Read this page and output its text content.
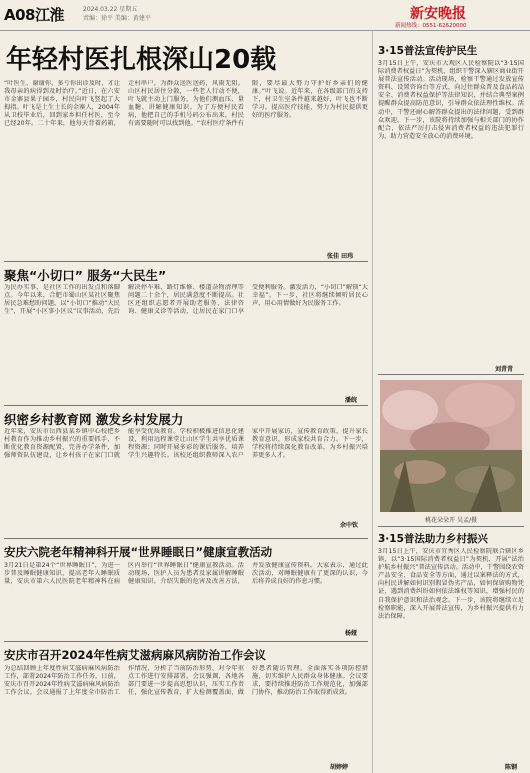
A08江淮	2024.03.22 星期五
责编：徐平 美编：黄建平	新安晚报
新闻热线：0551-62620000
年轻村医扎根深山20载
“叶医生，谢谢你，多亏你出诊及时，才让我母亲的病得到及时治疗。”近日，在六安市金寨县果子园乡，村民向叶飞竖起了大拇指。叶飞是土生土长的金寨人，2004年从卫校毕业后，回到家乡担任村医，至今已经20年。二十年来，他每天背着药箱，走村串户，为群众送医送药，风雨无阻。山区村民居住分散，一些老人行动不便，叶飞就主动上门服务，为他们测血压、量血糖、讲解健康知识。为了方便村民看病，他把自己的手机号码公布出来，村民有需要随时可以找到他。“农村医疗条件有限，要尽最大努力守护好乡亲们的健康。”叶飞说。近年来，在各级部门的支持下，村卫生室条件越来越好，叶飞也不断学习，提高医疗技能，努力为村民提供更好的医疗服务。
张佳 田玮
聚焦“小切口” 服务“大民生”
为民办实事，是社区工作的出发点和落脚点。今年以来，合肥市蜀山区某社区聚焦居民急难愁盼问题，以“小切口”推动“大民生”，开展“小区事小区议”议事活动，先后解决停车难、路灯维修、楼道杂物清理等问题二十余个，居民满意度不断提高。社区还组织志愿者开展助老服务、法律咨询、健康义诊等活动，让居民在家门口享受便利服务。激发活力，“小切口”解锁“大幸福”。下一步，社区将继续倾听居民心声，用心用情做好为民服务工作。
潘皖
织密乡村教育网 激发乡村发展力
近年来，安庆市岳西县某乡镇中心校把乡村教育作为推动乡村振兴的重要抓手，不断优化教育资源配置，完善办学条件，加强师资队伍建设，让乡村孩子在家门口就能享受优质教育。学校积极推进信息化建设，利用远程课堂让山区学生共享优质课程资源；同时开展多彩的课后服务，培养学生兴趣特长。该校还组织教师深入农户家中开展家访，宣传教育政策，提升家长教育意识，形成家校共育合力。下一步，学校将持续深化教育改革，为乡村振兴培养更多人才。
余中钦
安庆六院老年精神科开展“世界睡眠日”健康宣教活动
3月21日是第24个“世界睡眠日”，为进一步普及睡眠健康知识，提高老年人睡眠质量，安庆市第六人民医院老年精神科在病区内举行“世界睡眠日”健康宣教活动。活动现场，医护人员为患者及家属讲解睡眠健康知识，介绍失眠的危害及改善方法，并发放健康宣传资料。大家表示，通过此次活动，对睡眠健康有了更深的认识，今后将养成良好的作息习惯。
杨娅
安庆市召开2024年性病艾滋病麻风病防治工作会议
为总结回顾上年度性病艾滋病麻风病防治工作，部署2024年防治工作任务，日前，安庆市召开2024年性病艾滋病麻风病防治工作会议。会议通报了上年度全市防治工作情况，分析了当前防治形势，对今年重点工作进行安排部署。会议强调，各地各部门要进一步提高思想认识，压实工作责任，强化宣传教育，扩大检测覆盖面，做好患者随访管理，全面落实各项防控措施，切实维护人民群众身体健康。会议要求，要持续推进防治工作规范化，加强部门协作，推动防治工作取得新成效。
胡婷婷
3·15普法宣传护民生
3月15日上午，安庆市大观区人民检察院以“3·15国际消费者权益日”为契机，组织干警深入辖区商业街开展普法宣传活动。活动现场，检察干警通过发放宣传资料、设置咨询台等方式，向过往群众普及食品药品安全、消费者权益保护等法律知识，并结合典型案例提醒群众提高防范意识，引导群众依法理性维权。活动中，干警还耐心解答群众提出的法律问题，受到群众欢迎。下一步，该院将持续加强与相关部门的协作配合，依法严厉打击侵害消费者权益的违法犯罪行为，助力营造安全放心的消费环境。
刘青青
桃花朵朵开 吴孟/摄
3·15普法助力乡村振兴
3月15日上午，安庆市宜秀区人民检察院联合辖区乡镇，以“3·15国际消费者权益日”为契机，开展“法治护航乡村振兴”普法宣传活动。活动中，干警围绕农资产品安全、食品安全等方面，通过以案释法的方式，向村民讲解如何识别假冒伪劣产品，如何保留购物凭证，遇到消费纠纷如何依法维权等知识，增强村民的自我保护意识和法治观念。下一步，该院将继续立足检察职能，深入开展普法宣传，为乡村振兴提供有力法治保障。
陈钢
